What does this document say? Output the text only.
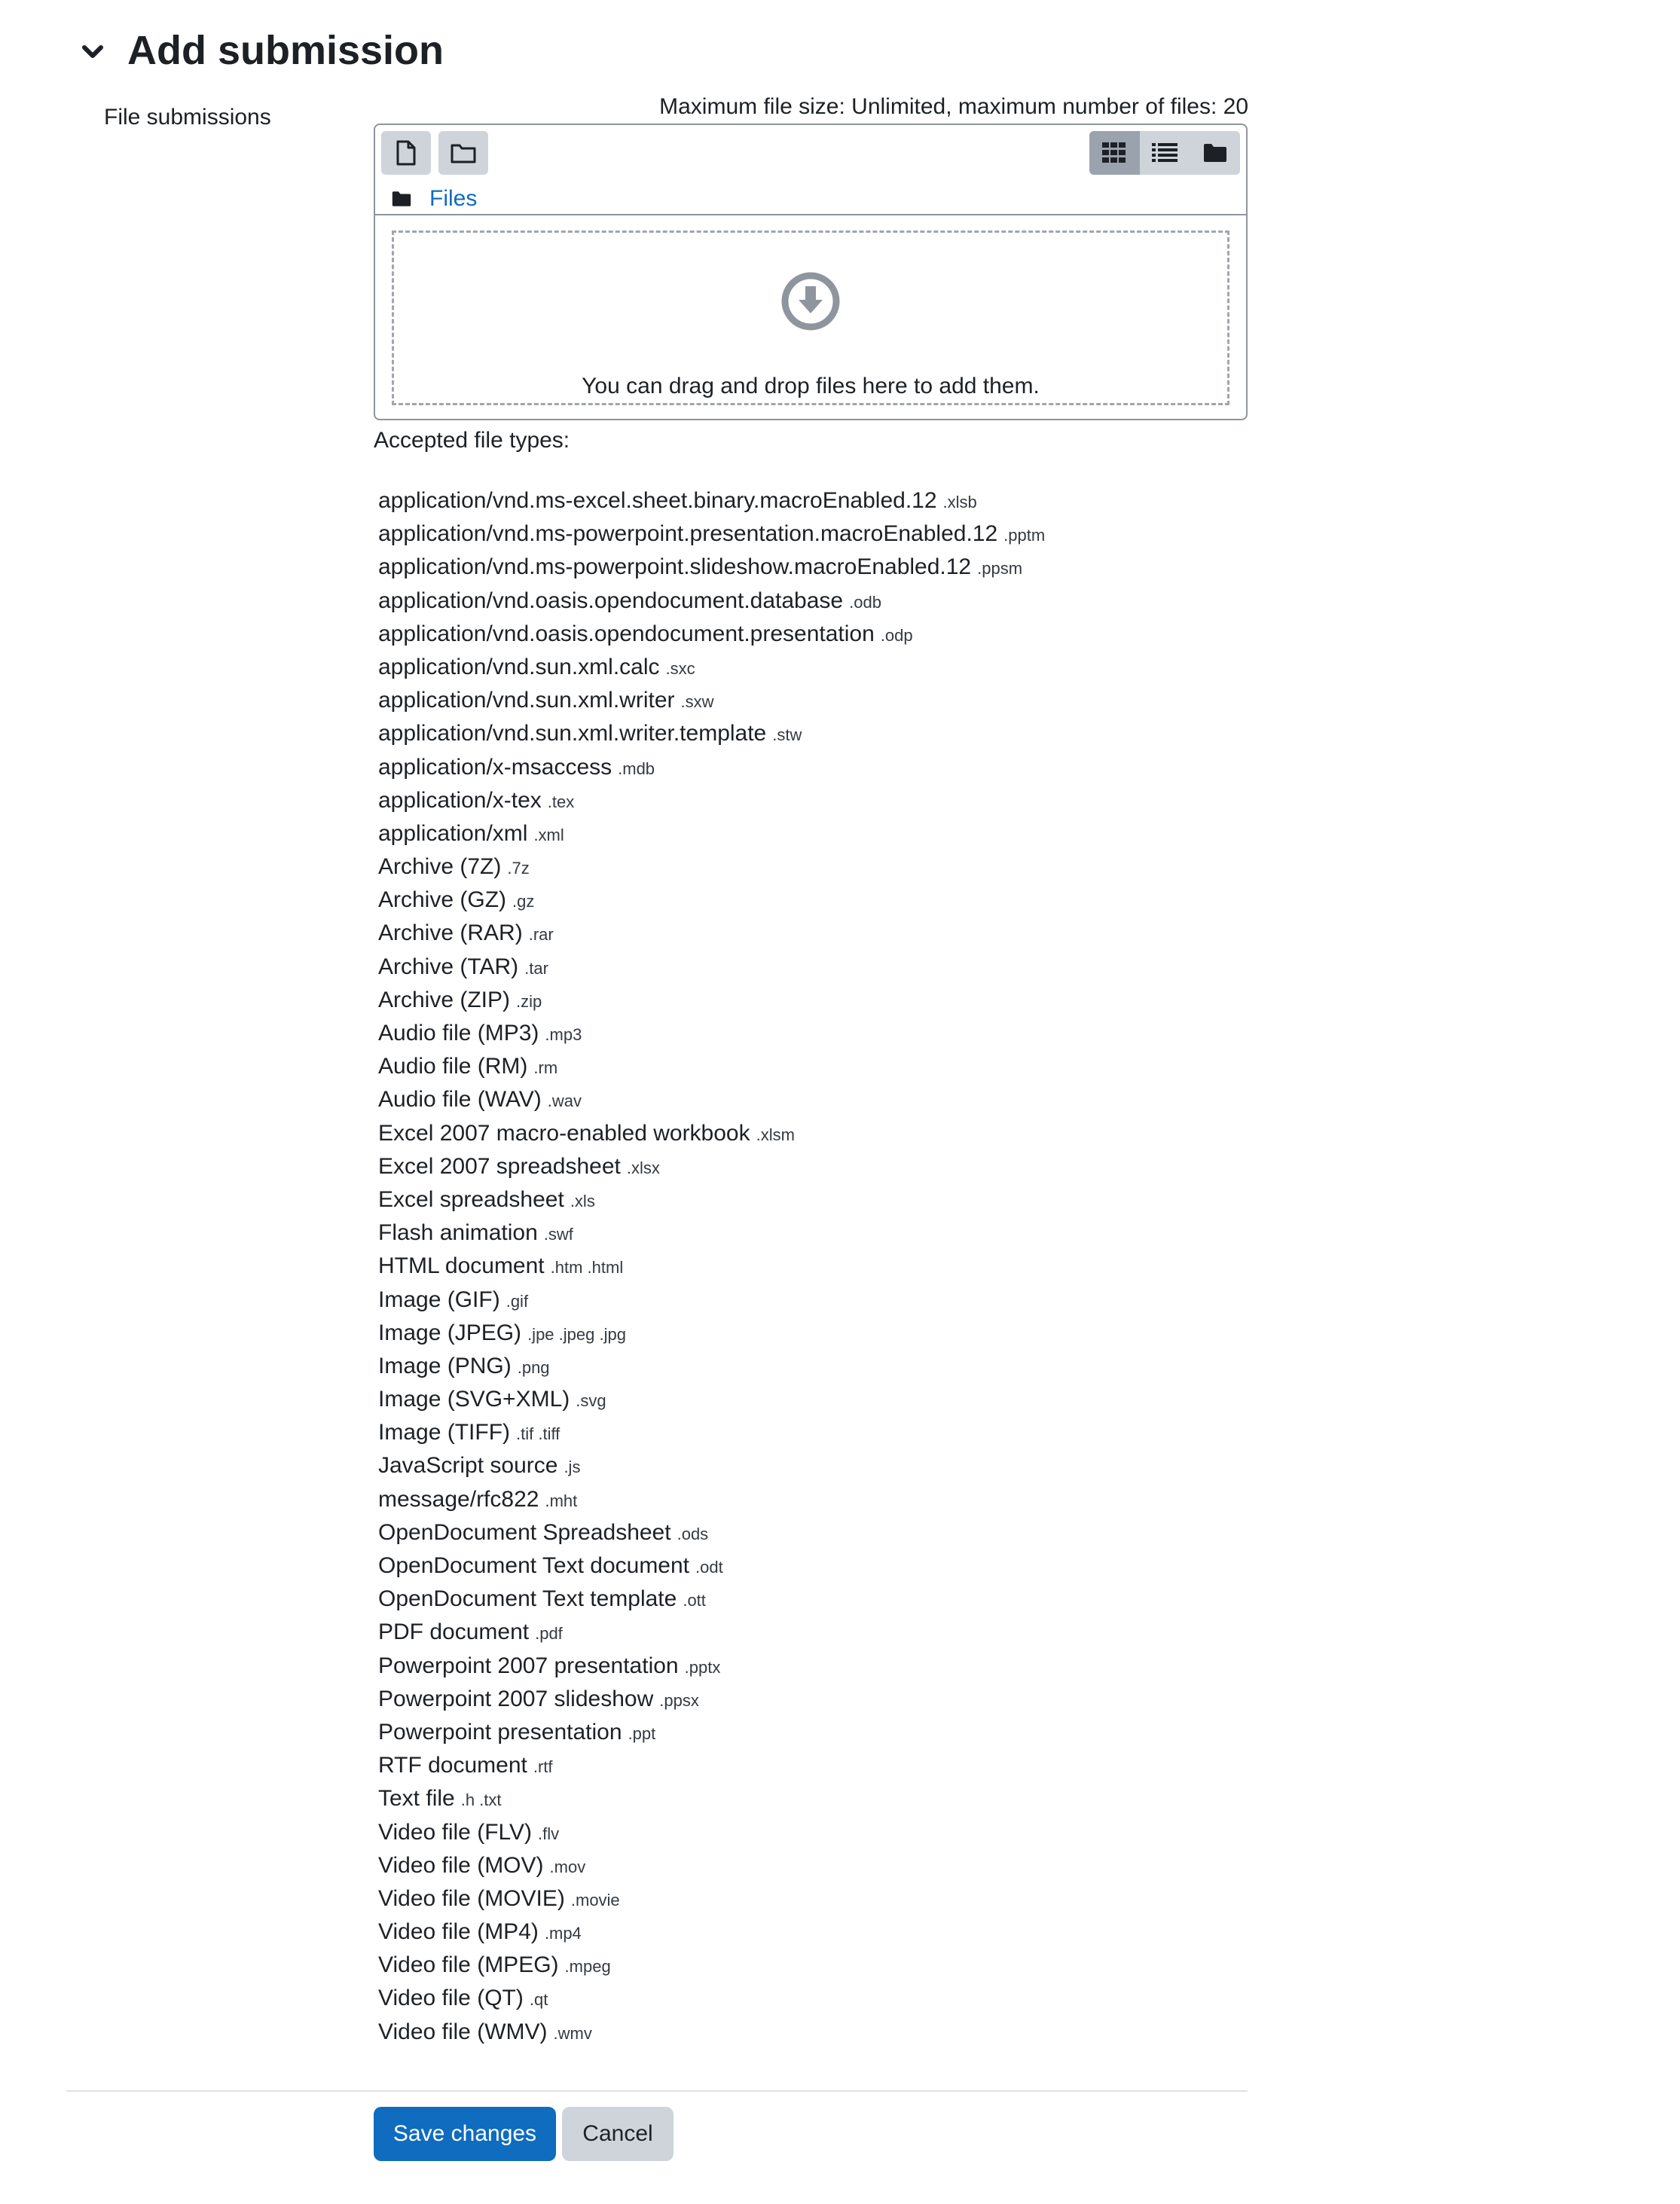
Add submission
File submissions	Maximum file size: Unlimited, maximum number of files: 20
Files
You can drag and drop files here to add them.
Accepted file types:
application/vnd.ms-excel.sheet.binary.macroEnabled.12 .xlsb
application/vnd.ms-powerpoint.presentation.macroEnabled.12 .pptm
application/vnd.ms-powerpoint.slideshow.macroEnabled.12 .ppsm
application/vnd.oasis.opendocument.database .odb
application/vnd.oasis.opendocument.presentation .odp
application/vnd.sun.xml.calc .sxc
application/vnd.sun.xml.writer .sxw
application/vnd.sun.xml.writer.template .stw
application/x-msaccess .mdb
application/x-tex .tex
application/xml .xml
Archive (7Z) .7z
Archive (GZ) .gz
Archive (RAR) .rar
Archive (TAR) .tar
Archive (ZIP) .zip
Audio file (MP3) .mp3
Audio file (RM) .rm
Audio file (WAV) .wav
Excel 2007 macro-enabled workbook .xlsm
Excel 2007 spreadsheet .xlsx
Excel spreadsheet .xls
Flash animation .swf
HTML document .htm .html
Image (GIF) .gif
Image (JPEG) .jpe .jpeg .jpg
Image (PNG) .png
Image (SVG+XML) .svg
Image (TIFF) .tif .tiff
JavaScript source .js
message/rfc822 .mht
OpenDocument Spreadsheet .ods
OpenDocument Text document .odt
OpenDocument Text template .ott
PDF document .pdf
Powerpoint 2007 presentation .pptx
Powerpoint 2007 slideshow .ppsx
Powerpoint presentation .ppt
RTF document .rtf
Text file .h .txt
Video file (FLV) .flv
Video file (MOV) .mov
Video file (MOVIE) .movie
Video file (MP4) .mp4
Video file (MPEG) .mpeg
Video file (QT) .qt
Video file (WMV) .wmv
Save changes	Cancel
